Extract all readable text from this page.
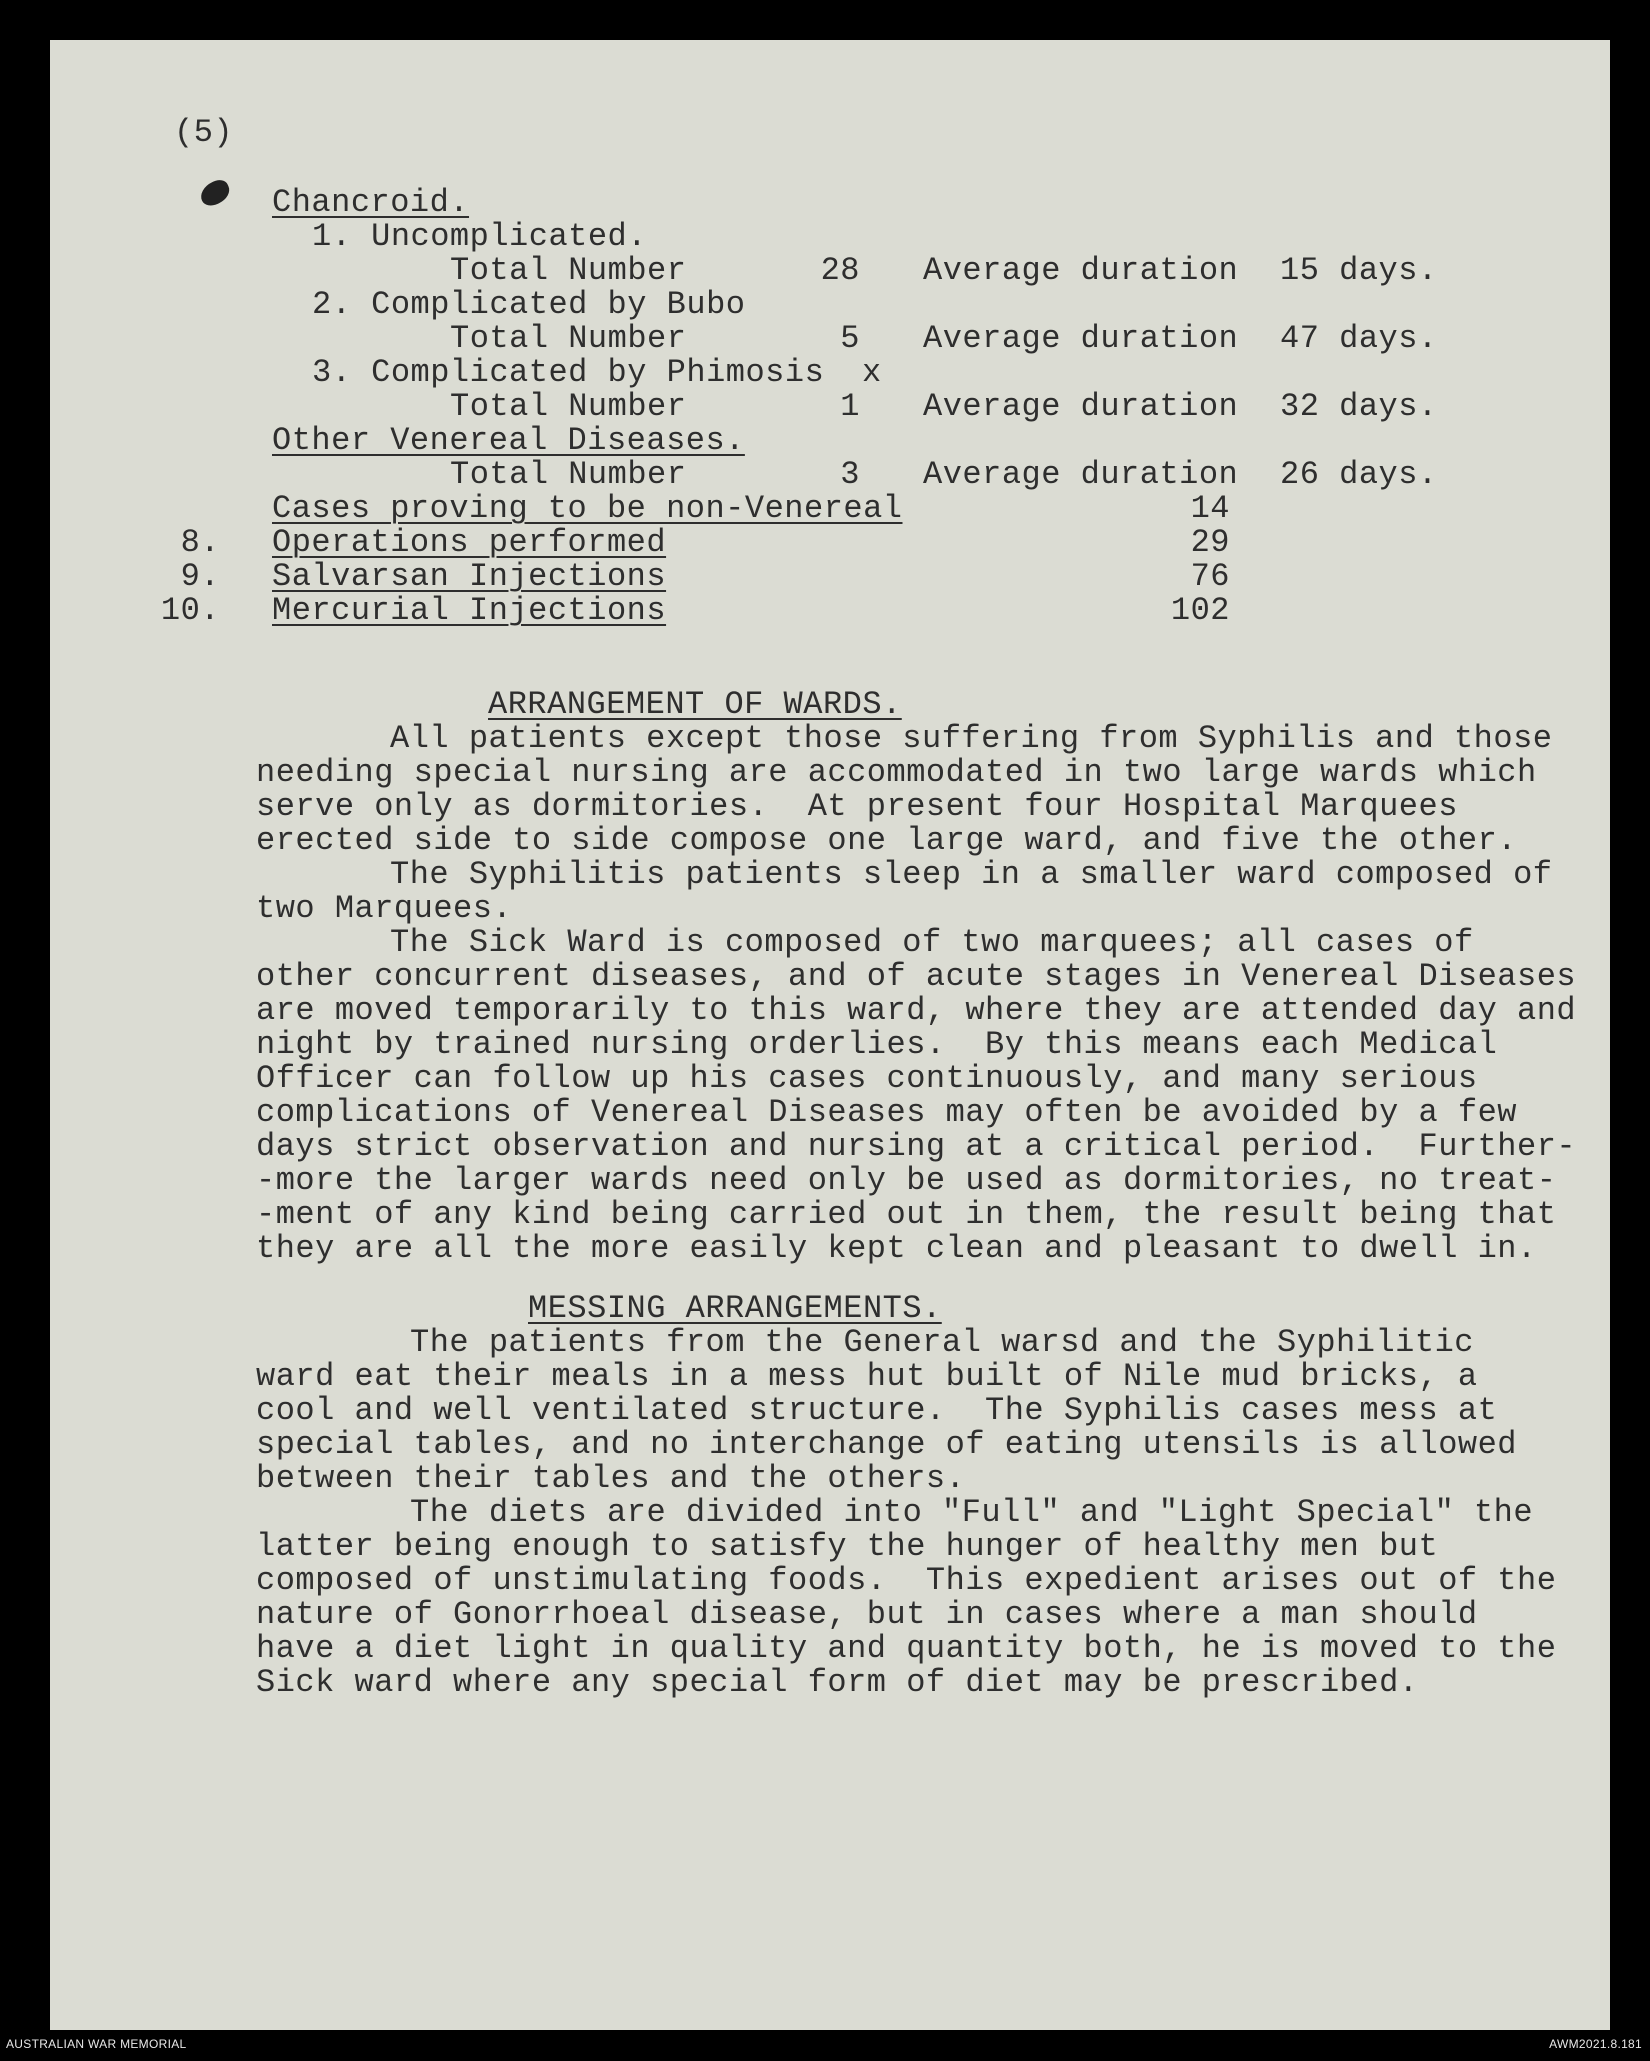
(5)
Chancroid.
1. Uncomplicated.
Total Number	28 Average duration 15 days.
2. Complicated by Bubo
Total Number	5 Average duration 47 days.
3. Complicated by Phimosis x
Total Number	1 Average duration 32 days.
Other Venereal Diseases.
Total Number	3 Average duration 26 days.
Cases proving to be non-Venereal	14
8. Operations performed	29
9. Salvarsan Injections	76
10. Mercurial Injections	102
ARRANGEMENT OF WARDS.
All patients except those suffering from Syphilis and those
needing special nursing are accommodated in two large wards which
serve only as dormitories.  At present four Hospital Marquees
erected side to side compose one large ward, and five the other.
The Syphilitis patients sleep in a smaller ward composed of
two Marquees.
The Sick Ward is composed of two marquees; all cases of
other concurrent diseases, and of acute stages in Venereal Diseases
are moved temporarily to this ward, where they are attended day and
night by trained nursing orderlies.  By this means each Medical
Officer can follow up his cases continuously, and many serious
complications of Venereal Diseases may often be avoided by a few
days strict observation and nursing at a critical period.  Further-
-more the larger wards need only be used as dormitories, no treat-
-ment of any kind being carried out in them, the result being that
they are all the more easily kept clean and pleasant to dwell in.
MESSING ARRANGEMENTS.
The patients from the General warsd and the Syphilitic
ward eat their meals in a mess hut built of Nile mud bricks, a
cool and well ventilated structure.  The Syphilis cases mess at
special tables, and no interchange of eating utensils is allowed
between their tables and the others.
The diets are divided into "Full" and "Light Special" the
latter being enough to satisfy the hunger of healthy men but
composed of unstimulating foods.  This expedient arises out of the
nature of Gonorrhoeal disease, but in cases where a man should
have a diet light in quality and quantity both, he is moved to the
Sick ward where any special form of diet may be prescribed.
AUSTRALIAN WAR MEMORIAL	AWM2021.8.181
